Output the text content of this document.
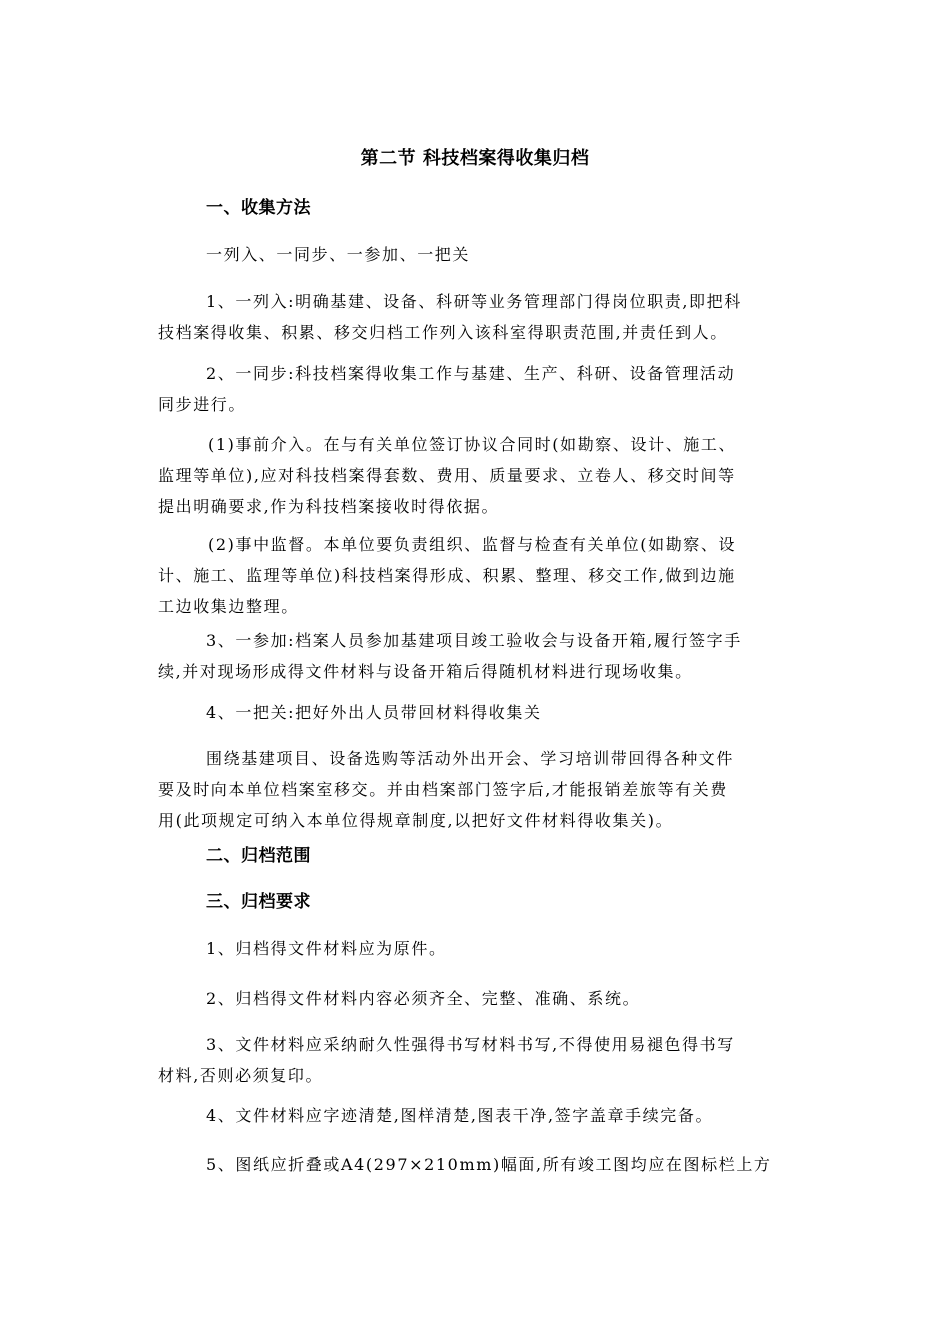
第二节 科技档案得收集归档
一、收集方法
一列入、一同步、一参加、一把关
1、一列入:明确基建、设备、科研等业务管理部门得岗位职责,即把科
技档案得收集、积累、移交归档工作列入该科室得职责范围,并责任到人。
2、一同步:科技档案得收集工作与基建、生产、科研、设备管理活动
同步进行。
(1)事前介入。在与有关单位签订协议合同时(如勘察、设计、施工、
监理等单位),应对科技档案得套数、费用、质量要求、立卷人、移交时间等
提出明确要求,作为科技档案接收时得依据。
(2)事中监督。本单位要负责组织、监督与检查有关单位(如勘察、设
计、施工、监理等单位)科技档案得形成、积累、整理、移交工作,做到边施
工边收集边整理。
3、一参加:档案人员参加基建项目竣工验收会与设备开箱,履行签字手
续,并对现场形成得文件材料与设备开箱后得随机材料进行现场收集。
4、一把关:把好外出人员带回材料得收集关
围绕基建项目、设备选购等活动外出开会、学习培训带回得各种文件
要及时向本单位档案室移交。并由档案部门签字后,才能报销差旅等有关费
用(此项规定可纳入本单位得规章制度,以把好文件材料得收集关)。
二、归档范围
三、归档要求
1、归档得文件材料应为原件。
2、归档得文件材料内容必须齐全、完整、准确、系统。
3、文件材料应采纳耐久性强得书写材料书写,不得使用易褪色得书写
材料,否则必须复印。
4、文件材料应字迹清楚,图样清楚,图表干净,签字盖章手续完备。
5、图纸应折叠或A4(297×210mm)幅面,所有竣工图均应在图标栏上方
